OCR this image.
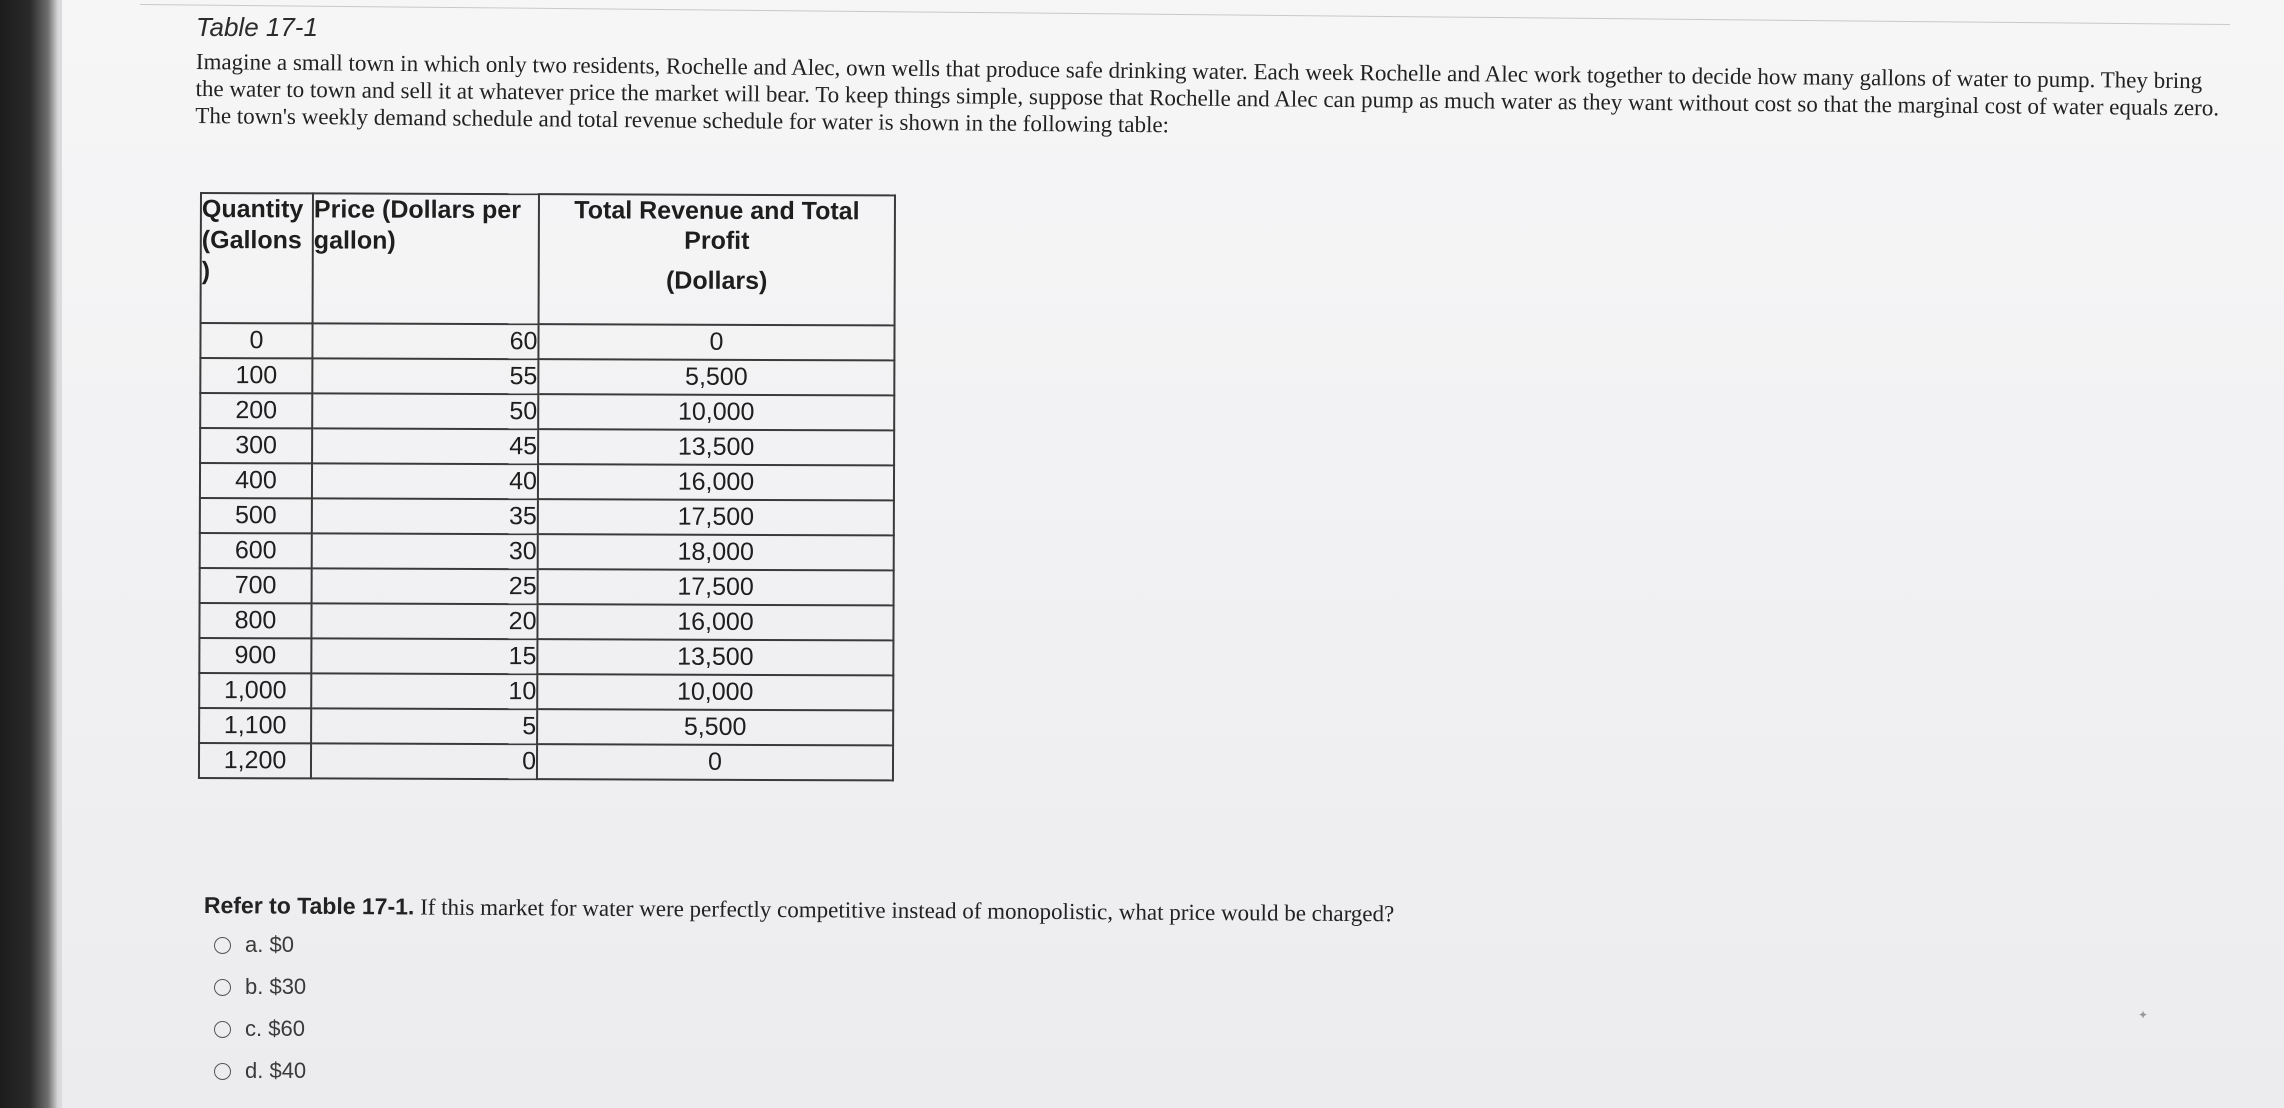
Table 17-1

Imagine a small town in which only two residents, Rochelle and Alec, own wells that produce safe drinking water. Each week Rochelle and Alec work together to decide how many gallons of water to pump. They bring the water to town and sell it at whatever price the market will bear. To keep things simple, suppose that Rochelle and Alec can pump as much water as they want without cost so that the marginal cost of water equals zero. The town's weekly demand schedule and total revenue schedule for water is shown in the following table:

Quantity (Gallons )	Price (Dollars per gallon)	Total Revenue and Total Profit
(Dollars)

0	60	0
100	55	5,500
200	50	10,000
300	45	13,500
400	40	16,000
500	35	17,500
600	30	18,000
700	25	17,500
800	20	16,000
900	15	13,500
1,000	10	10,000
1,100	5	5,500
1,200	0	0

Refer to Table 17-1. If this market for water were perfectly competitive instead of monopolistic, what price would be charged?

a. $0
b. $30
c. $60
d. $40
✦
